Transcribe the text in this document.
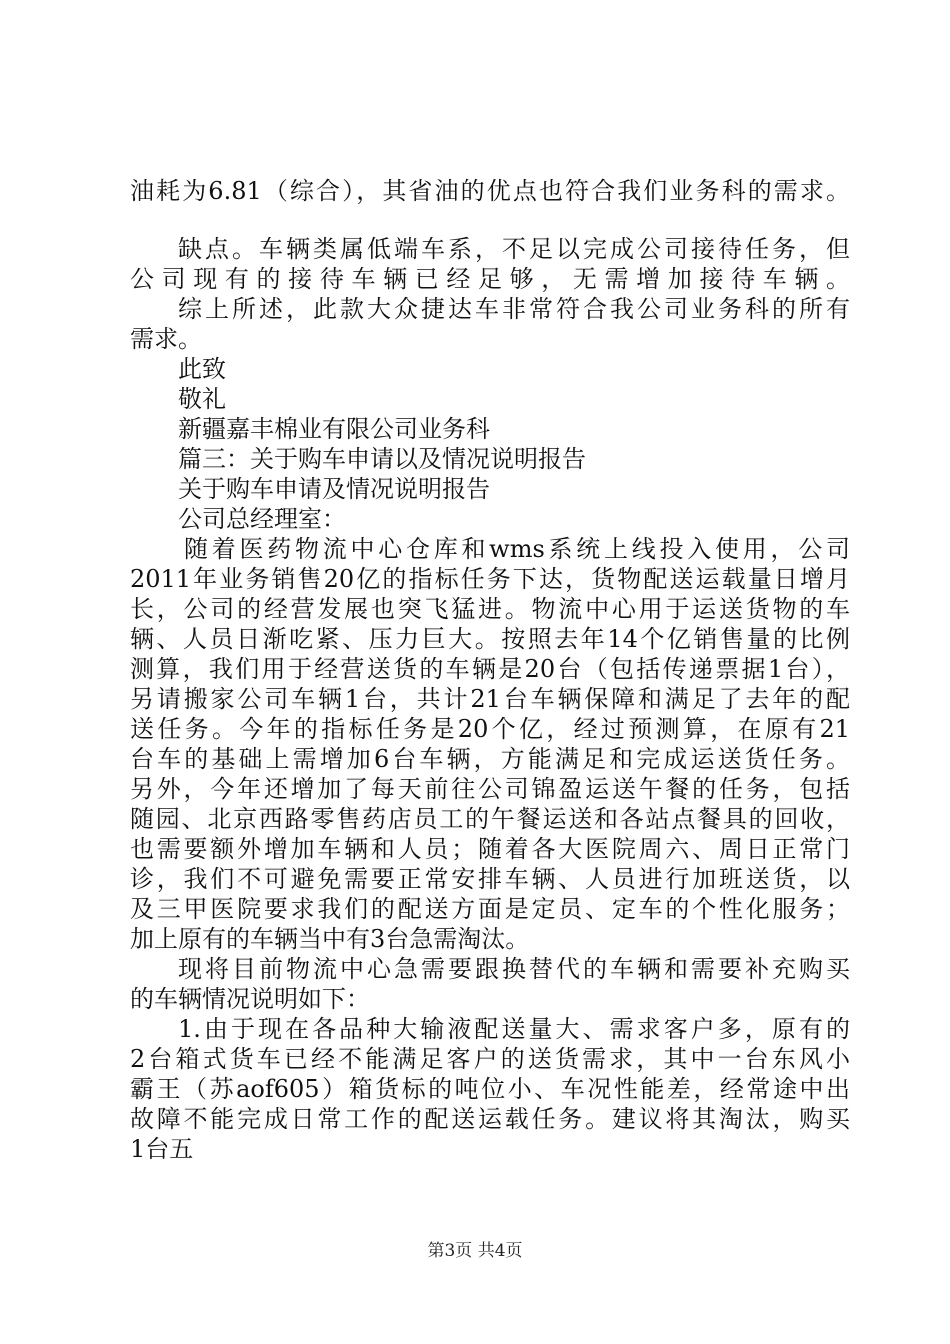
油耗为6.81（综合），其省油的优点也符合我们业务科的需求。
缺点。车辆类属低端车系，不足以完成公司接待任务，但
公司现有的接待车辆已经足够，无需增加接待车辆。
综上所述，此款大众捷达车非常符合我公司业务科的所有
需求。
此致
敬礼
新疆嘉丰棉业有限公司业务科
篇三：关于购车申请以及情况说明报告
关于购车申请及情况说明报告
公司总经理室：
随着医药物流中心仓库和wms系统上线投入使用，公司
2011年业务销售20亿的指标任务下达，货物配送运载量日增月
长，公司的经营发展也突飞猛进。物流中心用于运送货物的车
辆、人员日渐吃紧、压力巨大。按照去年14个亿销售量的比例
测算，我们用于经营送货的车辆是20台（包括传递票据1台），
另请搬家公司车辆1台，共计21台车辆保障和满足了去年的配
送任务。今年的指标任务是20个亿，经过预测算，在原有21
台车的基础上需增加6台车辆，方能满足和完成运送货任务。
另外，今年还增加了每天前往公司锦盈运送午餐的任务，包括
随园、北京西路零售药店员工的午餐运送和各站点餐具的回收，
也需要额外增加车辆和人员；随着各大医院周六、周日正常门
诊，我们不可避免需要正常安排车辆、人员进行加班送货，以
及三甲医院要求我们的配送方面是定员、定车的个性化服务；
加上原有的车辆当中有3台急需淘汰。
现将目前物流中心急需要跟换替代的车辆和需要补充购买
的车辆情况说明如下：
1.由于现在各品种大输液配送量大、需求客户多，原有的
2台箱式货车已经不能满足客户的送货需求，其中一台东风小
霸王（苏aof605）箱货标的吨位小、车况性能差，经常途中出
故障不能完成日常工作的配送运载任务。建议将其淘汰，购买
1台五
第3页 共4页
